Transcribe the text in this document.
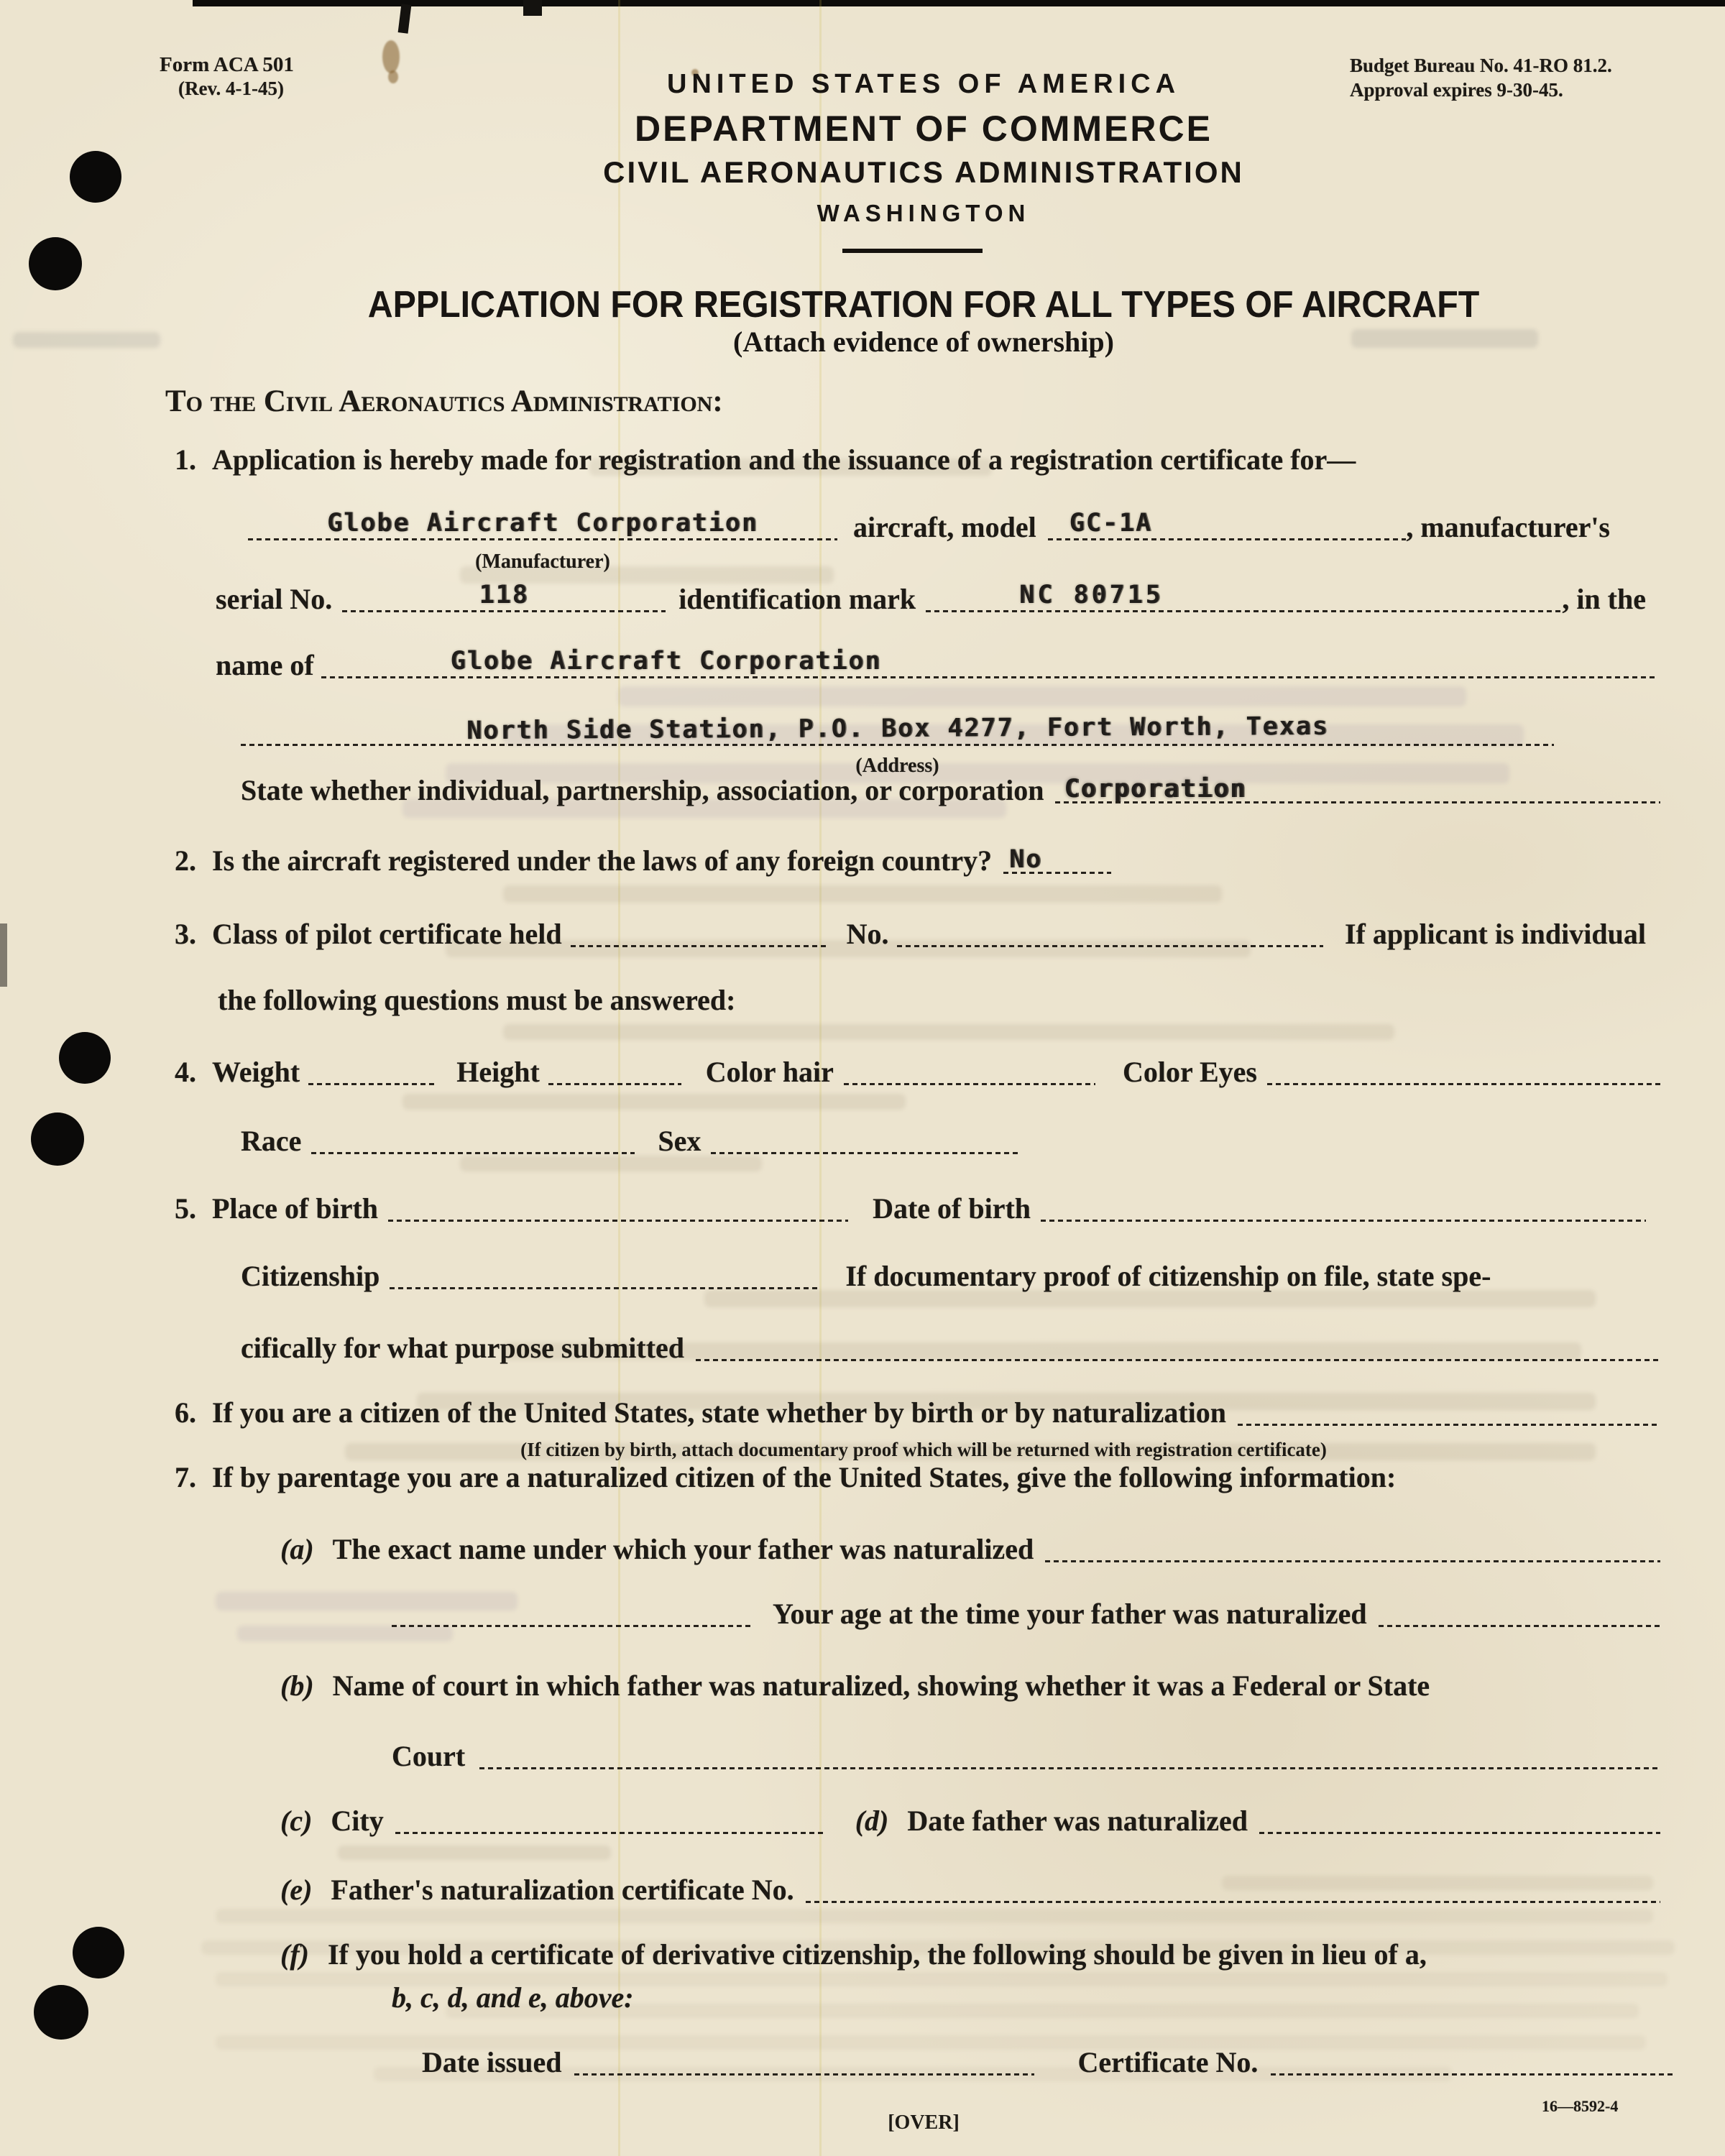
Form ACA 501
(Rev. 4-1-45)
Budget Bureau No. 41-RO 81.2.
Approval expires 9-30-45.
UNITED STATES OF AMERICA
DEPARTMENT OF COMMERCE
CIVIL AERONAUTICS ADMINISTRATION
WASHINGTON
APPLICATION FOR REGISTRATION FOR ALL TYPES OF AIRCRAFT
(Attach evidence of ownership)
To the Civil Aeronautics Administration:
1. Application is hereby made for registration and the issuance of a registration certificate for—
Globe Aircraft Corporation	aircraft, model GC-1A	, manufacturer's
(Manufacturer)
serial No.	118	identification mark	NC 80715	, in the
name of	Globe Aircraft Corporation
North Side Station, P.O. Box 4277, Fort Worth, Texas
(Address)
State whether individual, partnership, association, or corporation Corporation
2. Is the aircraft registered under the laws of any foreign country? No
3. Class of pilot certificate held	No.	If applicant is individual
the following questions must be answered:
4. Weight	Height	Color hair	Color Eyes
Race	Sex
5. Place of birth	Date of birth
Citizenship	If documentary proof of citizenship on file, state spe-
cifically for what purpose submitted
6. If you are a citizen of the United States, state whether by birth or by naturalization
(If citizen by birth, attach documentary proof which will be returned with registration certificate)
7. If by parentage you are a naturalized citizen of the United States, give the following information:
(a) The exact name under which your father was naturalized
Your age at the time your father was naturalized
(b) Name of court in which father was naturalized, showing whether it was a Federal or State
Court
(c) City	(d) Date father was naturalized
(e) Father's naturalization certificate No.
(f) If you hold a certificate of derivative citizenship, the following should be given in lieu of a,
b, c, d, and e, above:
Date issued	Certificate No.
16—8592-4
[OVER]
